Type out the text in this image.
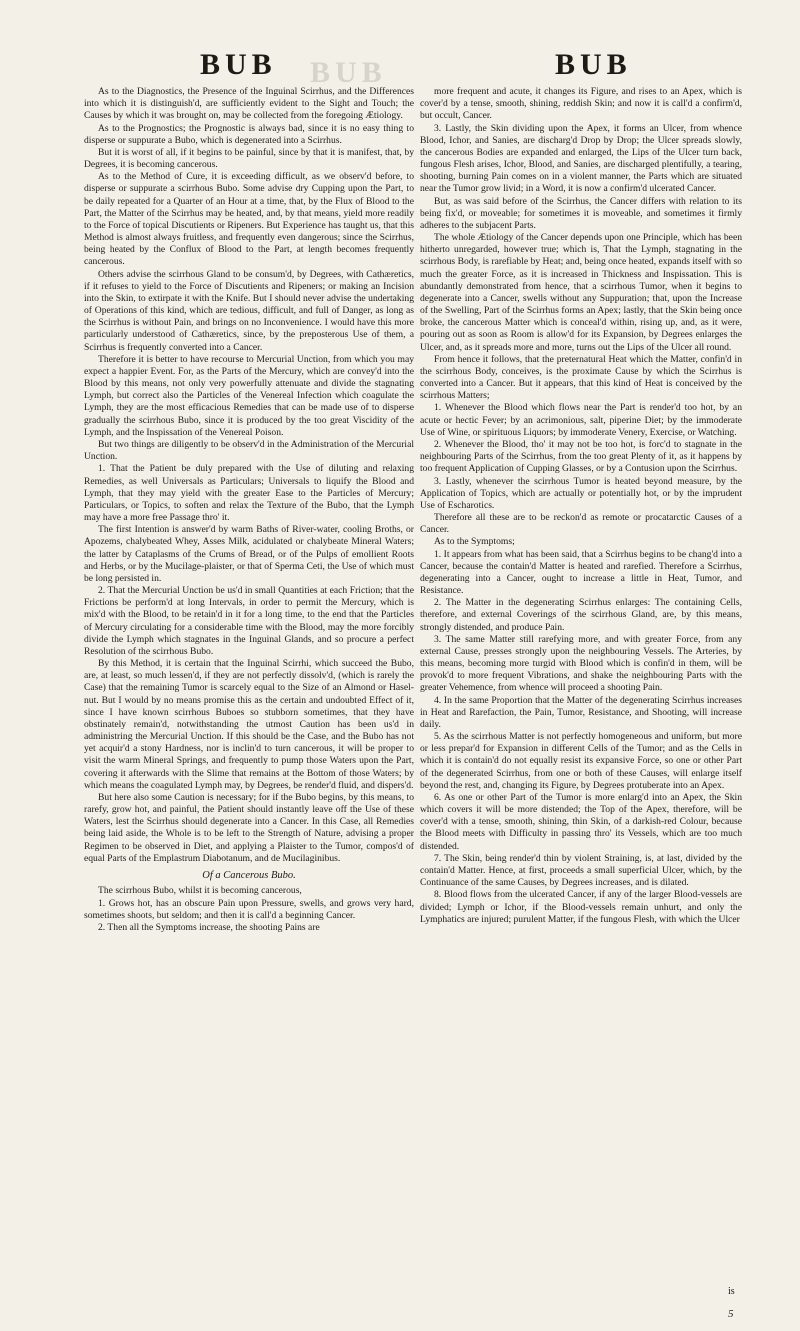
BUB
BUB	BUB

As to the Diagnostics, the Presence of the Inguinal Scirrhus, and the Differences into which it is distinguish'd, are sufficiently evident to the Sight and Touch; the Causes by which it was brought on, may be collected from the foregoing Ætiology.

As to the Prognostics; the Prognostic is always bad, since it is no easy thing to disperse or suppurate a Bubo, which is degenerated into a Scirrhus.

But it is worst of all, if it begins to be painful, since by that it is manifest, that, by Degrees, it is becoming cancerous.

As to the Method of Cure, it is exceeding difficult, as we observ'd before, to disperse or suppurate a scirrhous Bubo. Some advise dry Cupping upon the Part, to be daily repeated for a Quarter of an Hour at a time, that, by the Flux of Blood to the Part, the Matter of the Scirrhus may be heated, and, by that means, yield more readily to the Force of topical Discutients or Ripeners. But Experience has taught us, that this Method is almost always fruitless, and frequently even dangerous; since the Scirrhus, being heated by the Conflux of Blood to the Part, at length becomes frequently cancerous.

Others advise the scirrhous Gland to be consum'd, by Degrees, with Cathæretics, if it refuses to yield to the Force of Discutients and Ripeners; or making an Incision into the Skin, to extirpate it with the Knife. But I should never advise the undertaking of Operations of this kind, which are tedious, difficult, and full of Danger, as long as the Scirrhus is without Pain, and brings on no Inconvenience. I would have this more particularly understood of Cathæretics, since, by the preposterous Use of them, a Scirrhus is frequently converted into a Cancer.

Therefore it is better to have recourse to Mercurial Unction, from which you may expect a happier Event. For, as the Parts of the Mercury, which are convey'd into the Blood by this means, not only very powerfully attenuate and divide the stagnating Lymph, but correct also the Particles of the Venereal Infection which coagulate the Lymph, they are the most efficacious Remedies that can be made use of to disperse gradually the scirrhous Bubo, since it is produced by the too great Viscidity of the Lymph, and the Inspissation of the Venereal Poison.

But two things are diligently to be observ'd in the Administration of the Mercurial Unction.

1. That the Patient be duly prepared with the Use of diluting and relaxing Remedies, as well Universals as Particulars; Universals to liquify the Blood and Lymph, that they may yield with the greater Ease to the Particles of Mercury; Particulars, or Topics, to soften and relax the Texture of the Bubo, that the Lymph may have a more free Passage thro' it.

The first Intention is answer'd by warm Baths of River-water, cooling Broths, or Apozems, chalybeated Whey, Asses Milk, acidulated or chalybeate Mineral Waters; the latter by Cataplasms of the Crums of Bread, or of the Pulps of emollient Roots and Herbs, or by the Mucilage-plaister, or that of Sperma Ceti, the Use of which must be long persisted in.

2. That the Mercurial Unction be us'd in small Quantities at each Friction; that the Frictions be perform'd at long Intervals, in order to permit the Mercury, which is mix'd with the Blood, to be retain'd in it for a long time, to the end that the Particles of Mercury circulating for a considerable time with the Blood, may the more forcibly divide the Lymph which stagnates in the Inguinal Glands, and so procure a perfect Resolution of the scirrhous Bubo.

By this Method, it is certain that the Inguinal Scirrhi, which succeed the Bubo, are, at least, so much lessen'd, if they are not perfectly dissolv'd, (which is rarely the Case) that the remaining Tumor is scarcely equal to the Size of an Almond or Hasel-nut. But I would by no means promise this as the certain and undoubted Effect of it, since I have known scirrhous Buboes so stubborn sometimes, that they have obstinately remain'd, notwithstanding the utmost Caution has been us'd in administring the Mercurial Unction. If this should be the Case, and the Bubo has not yet acquir'd a stony Hardness, nor is inclin'd to turn cancerous, it will be proper to visit the warm Mineral Springs, and frequently to pump those Waters upon the Part, covering it afterwards with the Slime that remains at the Bottom of those Waters; by which means the coagulated Lymph may, by Degrees, be render'd fluid, and dispers'd.

But here also some Caution is necessary; for if the Bubo begins, by this means, to rarefy, grow hot, and painful, the Patient should instantly leave off the Use of these Waters, lest the Scirrhus should degenerate into a Cancer. In this Case, all Remedies being laid aside, the Whole is to be left to the Strength of Nature, advising a proper Regimen to be observed in Diet, and applying a Plaister to the Tumor, compos'd of equal Parts of the Emplastrum Diabotanum, and de Mucilaginibus.

Of a Cancerous Bubo.

The scirrhous Bubo, whilst it is becoming cancerous,

1. Grows hot, has an obscure Pain upon Pressure, swells, and grows very hard, sometimes shoots, but seldom; and then it is call'd a beginning Cancer.

2. Then all the Symptoms increase, the shooting Pains are

more frequent and acute, it changes its Figure, and rises to an Apex, which is cover'd by a tense, smooth, shining, reddish Skin; and now it is call'd a confirm'd, but occult, Cancer.

3. Lastly, the Skin dividing upon the Apex, it forms an Ulcer, from whence Blood, Ichor, and Sanies, are discharg'd Drop by Drop; the Ulcer spreads slowly, the cancerous Bodies are expanded and enlarged, the Lips of the Ulcer turn back, fungous Flesh arises, Ichor, Blood, and Sanies, are discharged plentifully, a tearing, shooting, burning Pain comes on in a violent manner, the Parts which are situated near the Tumor grow livid; in a Word, it is now a confirm'd ulcerated Cancer.

But, as was said before of the Scirrhus, the Cancer differs with relation to its being fix'd, or moveable; for sometimes it is moveable, and sometimes it firmly adheres to the subjacent Parts.

The whole Ætiology of the Cancer depends upon one Principle, which has been hitherto unregarded, however true; which is, That the Lymph, stagnating in the scirrhous Body, is rarefiable by Heat; and, being once heated, expands itself with so much the greater Force, as it is increased in Thickness and Inspissation. This is abundantly demonstrated from hence, that a scirrhous Tumor, when it begins to degenerate into a Cancer, swells without any Suppuration; that, upon the Increase of the Swelling, Part of the Scirrhus forms an Apex; lastly, that the Skin being once broke, the cancerous Matter which is conceal'd within, rising up, and, as it were, pouring out as soon as Room is allow'd for its Expansion, by Degrees enlarges the Ulcer, and, as it spreads more and more, turns out the Lips of the Ulcer all round.

From hence it follows, that the preternatural Heat which the Matter, confin'd in the scirrhous Body, conceives, is the proximate Cause by which the Scirrhus is converted into a Cancer. But it appears, that this kind of Heat is conceived by the scirrhous Matters;

1. Whenever the Blood which flows near the Part is render'd too hot, by an acute or hectic Fever; by an acrimonious, salt, piperine Diet; by the immoderate Use of Wine, or spirituous Liquors; by immoderate Venery, Exercise, or Watching.

2. Whenever the Blood, tho' it may not be too hot, is forc'd to stagnate in the neighbouring Parts of the Scirrhus, from the too great Plenty of it, as it happens by too frequent Application of Cupping Glasses, or by a Contusion upon the Scirrhus.

3. Lastly, whenever the scirrhous Tumor is heated beyond measure, by the Application of Topics, which are actually or potentially hot, or by the imprudent Use of Escharotics.

Therefore all these are to be reckon'd as remote or procatarctic Causes of a Cancer.

As to the Symptoms;

1. It appears from what has been said, that a Scirrhus begins to be chang'd into a Cancer, because the contain'd Matter is heated and rarefied. Therefore a Scirrhus, degenerating into a Cancer, ought to increase a little in Heat, Tumor, and Resistance.

2. The Matter in the degenerating Scirrhus enlarges: The containing Cells, therefore, and external Coverings of the scirrhous Gland, are, by this means, strongly distended, and produce Pain.

3. The same Matter still rarefying more, and with greater Force, from any external Cause, presses strongly upon the neighbouring Vessels. The Arteries, by this means, becoming more turgid with Blood which is confin'd in them, will be provok'd to more frequent Vibrations, and shake the neighbouring Parts with the greater Vehemence, from whence will proceed a shooting Pain.

4. In the same Proportion that the Matter of the degenerating Scirrhus increases in Heat and Rarefaction, the Pain, Tumor, Resistance, and Shooting, will increase daily.

5. As the scirrhous Matter is not perfectly homogeneous and uniform, but more or less prepar'd for Expansion in different Cells of the Tumor; and as the Cells in which it is contain'd do not equally resist its expansive Force, so one or other Part of the degenerated Scirrhus, from one or both of these Causes, will enlarge itself beyond the rest, and, changing its Figure, by Degrees protuberate into an Apex.

6. As one or other Part of the Tumor is more enlarg'd into an Apex, the Skin which covers it will be more distended; the Top of the Apex, therefore, will be cover'd with a tense, smooth, shining, thin Skin, of a darkish-red Colour, because the Blood meets with Difficulty in passing thro' its Vessels, which are too much distended.

7. The Skin, being render'd thin by violent Straining, is, at last, divided by the contain'd Matter. Hence, at first, proceeds a small superficial Ulcer, which, by the Continuance of the same Causes, by Degrees increases, and is dilated.

8. Blood flows from the ulcerated Cancer, if any of the larger Blood-vessels are divided; Lymph or Ichor, if the Blood-vessels remain unhurt, and only the Lymphatics are injured; purulent Matter, if the fungous Flesh, with which the Ulcer

is
5
